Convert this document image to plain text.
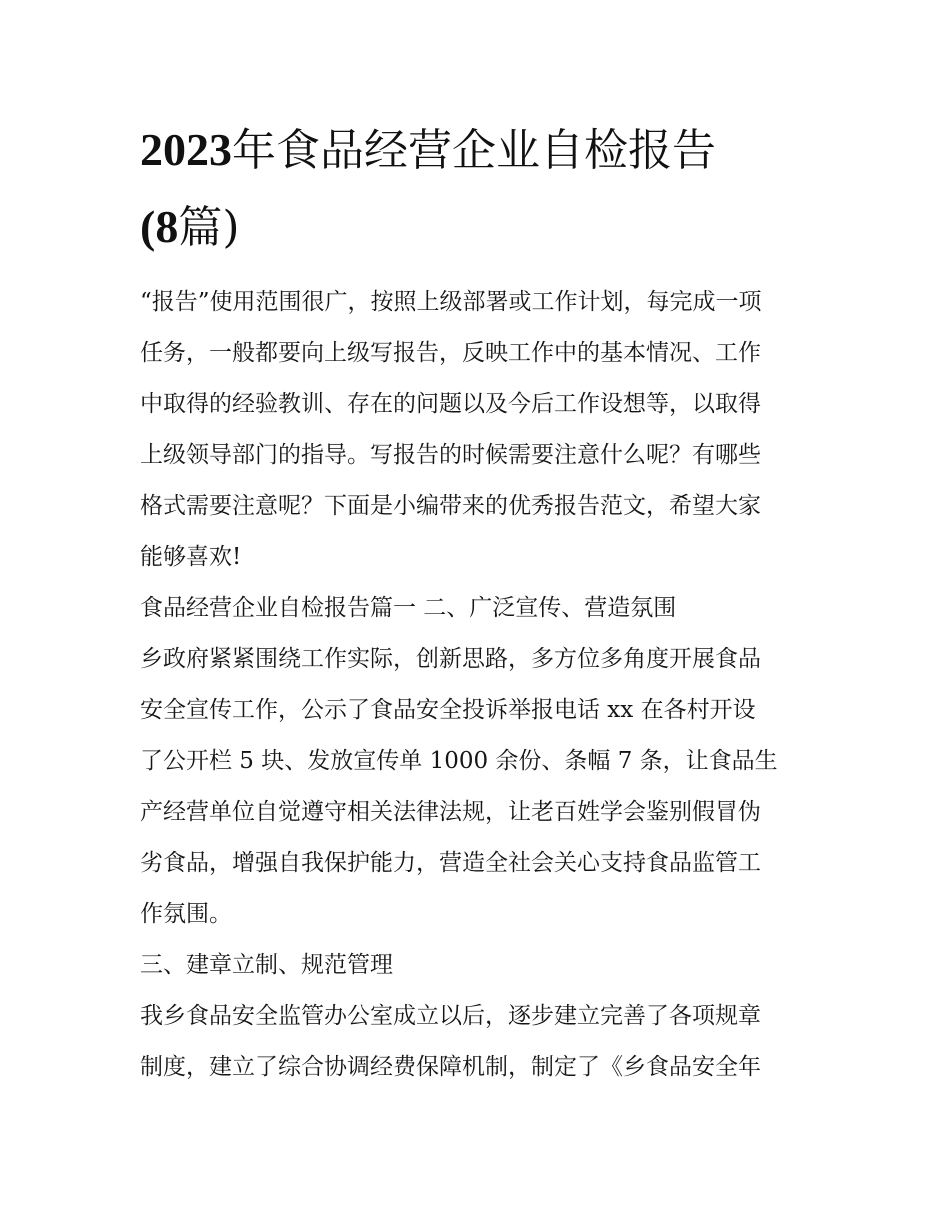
2023年食品经营企业自检报告
(8篇)
“报告”使用范围很广，按照上级部署或工作计划，每完成一项
任务，一般都要向上级写报告，反映工作中的基本情况、工作
中取得的经验教训、存在的问题以及今后工作设想等，以取得
上级领导部门的指导。写报告的时候需要注意什么呢？有哪些
格式需要注意呢？下面是小编带来的优秀报告范文，希望大家
能够喜欢!
食品经营企业自检报告篇一 二、广泛宣传、营造氛围
乡政府紧紧围绕工作实际，创新思路，多方位多角度开展食品
安全宣传工作，公示了食品安全投诉举报电话 xx 在各村开设
了公开栏 5 块、发放宣传单 1000 余份、条幅 7 条，让食品生
产经营单位自觉遵守相关法律法规，让老百姓学会鉴别假冒伪
劣食品，增强自我保护能力，营造全社会关心支持食品监管工
作氛围。
三、建章立制、规范管理
我乡食品安全监管办公室成立以后，逐步建立完善了各项规章
制度，建立了综合协调经费保障机制，制定了《乡食品安全年
